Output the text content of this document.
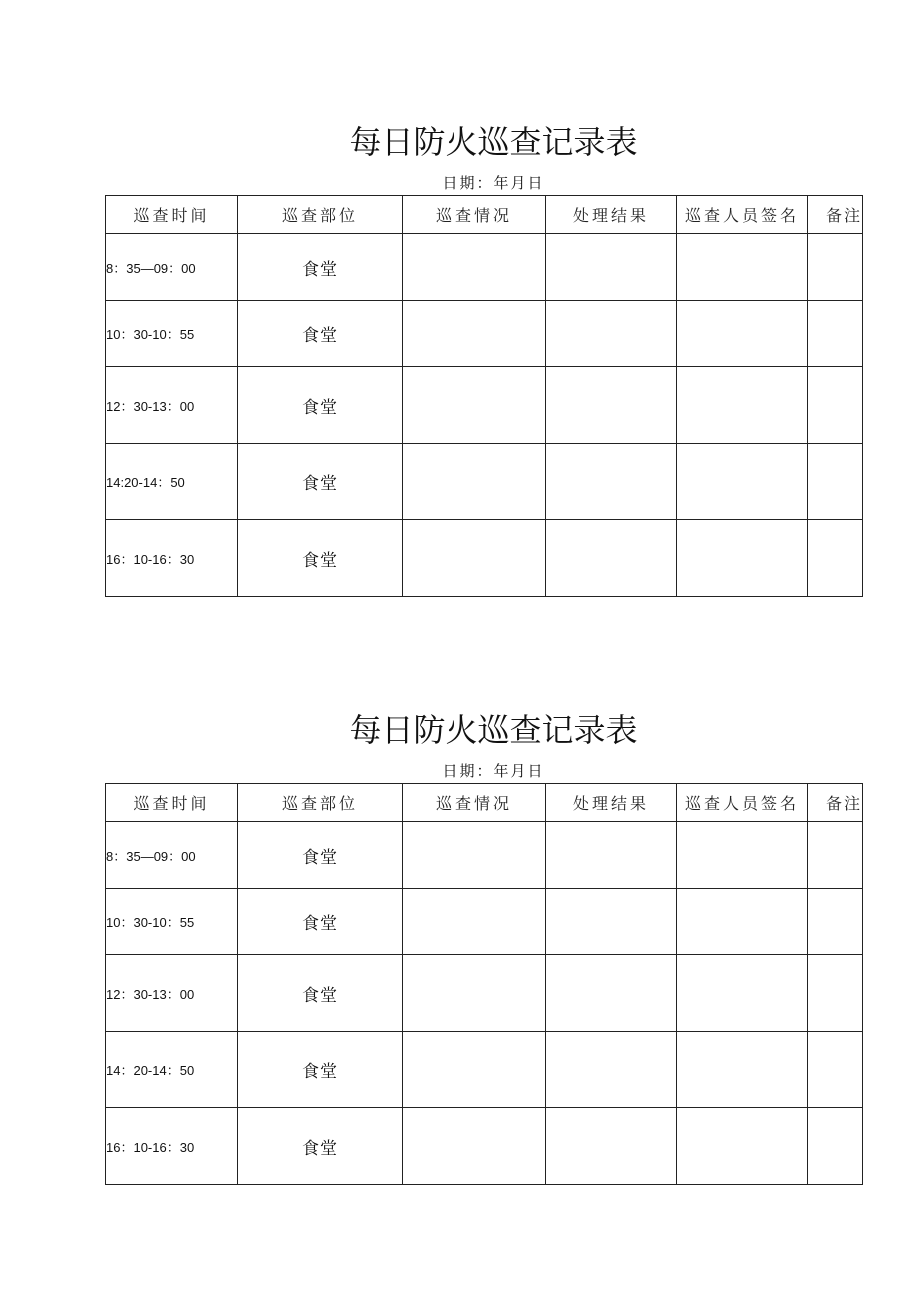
每日防火巡查记录表
日期：年月日
巡查时间	巡查部位	巡查情况	处理结果	巡查人员签名	备注
8：35—09：00	食堂				
10：30-10：55	食堂				
12：30-13：00	食堂				
14:20-14：50	食堂				
16：10-16：30	食堂				
每日防火巡查记录表
日期：年月日
巡查时间	巡查部位	巡查情况	处理结果	巡查人员签名	备注
8：35—09：00	食堂				
10：30-10：55	食堂				
12：30-13：00	食堂				
14：20-14：50	食堂				
16：10-16：30	食堂				
